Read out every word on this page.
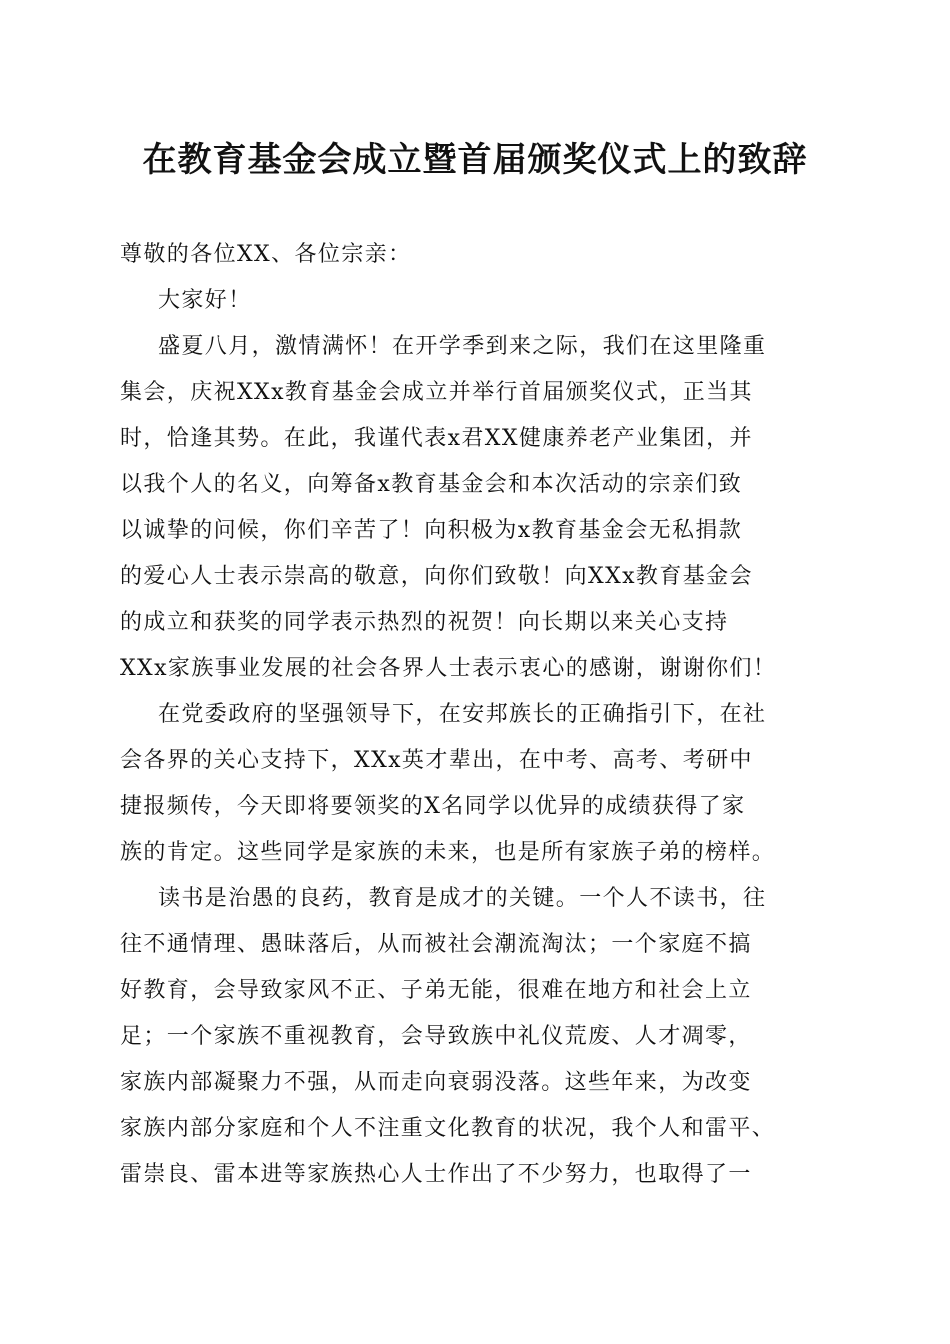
在教育基金会成立暨首届颁奖仪式上的致辞

尊敬的各位XX、各位宗亲：

大家好！

盛夏八月，激情满怀！在开学季到来之际，我们在这里隆重

集会，庆祝XXx教育基金会成立并举行首届颁奖仪式，正当其

时，恰逢其势。在此，我谨代表x君XX健康养老产业集团，并

以我个人的名义，向筹备x教育基金会和本次活动的宗亲们致

以诚挚的问候，你们辛苦了！向积极为x教育基金会无私捐款

的爱心人士表示崇高的敬意，向你们致敬！向XXx教育基金会

的成立和获奖的同学表示热烈的祝贺！向长期以来关心支持

XXx家族事业发展的社会各界人士表示衷心的感谢，谢谢你们！

在党委政府的坚强领导下，在安邦族长的正确指引下，在社

会各界的关心支持下，XXx英才辈出，在中考、高考、考研中

捷报频传，今天即将要领奖的X名同学以优异的成绩获得了家

族的肯定。这些同学是家族的未来，也是所有家族子弟的榜样。

读书是治愚的良药，教育是成才的关键。一个人不读书，往

往不通情理、愚昧落后，从而被社会潮流淘汰；一个家庭不搞

好教育，会导致家风不正、子弟无能，很难在地方和社会上立

足；一个家族不重视教育，会导致族中礼仪荒废、人才凋零，

家族内部凝聚力不强，从而走向衰弱没落。这些年来，为改变

家族内部分家庭和个人不注重文化教育的状况，我个人和雷平、

雷崇良、雷本进等家族热心人士作出了不少努力，也取得了一
